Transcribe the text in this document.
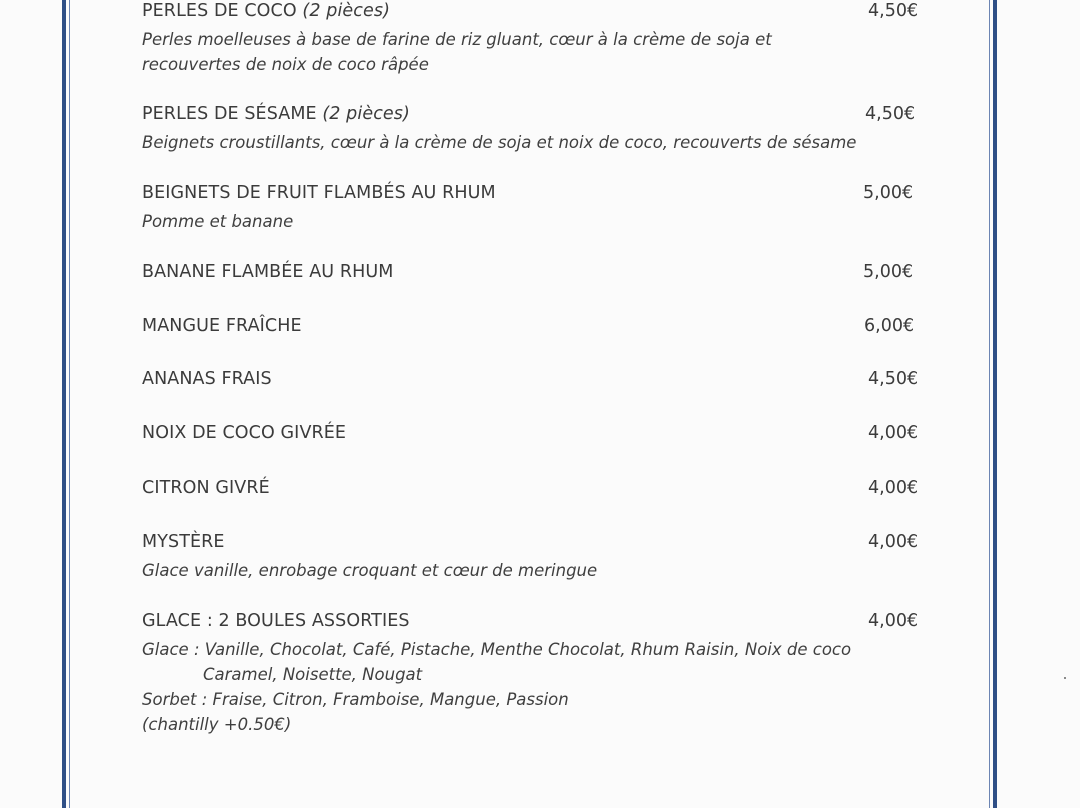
PERLES DE COCO (2 pièces)	4,50€
Perles moelleuses à base de farine de riz gluant, cœur à la crème de soja et
recouvertes de noix de coco râpée
PERLES DE SÉSAME (2 pièces)	4,50€
Beignets croustillants, cœur à la crème de soja et noix de coco, recouverts de sésame
BEIGNETS DE FRUIT FLAMBÉS AU RHUM	5,00€
Pomme et banane
BANANE FLAMBÉE AU RHUM	5,00€
MANGUE FRAÎCHE	6,00€
ANANAS FRAIS	4,50€
NOIX DE COCO GIVRÉE	4,00€
CITRON GIVRÉ	4,00€
MYSTÈRE	4,00€
Glace vanille, enrobage croquant et cœur de meringue
GLACE : 2 BOULES ASSORTIES	4,00€
Glace : Vanille, Chocolat, Café, Pistache, Menthe Chocolat, Rhum Raisin, Noix de coco
Caramel, Noisette, Nougat
Sorbet : Fraise, Citron, Framboise, Mangue, Passion
(chantilly +0.50€)
